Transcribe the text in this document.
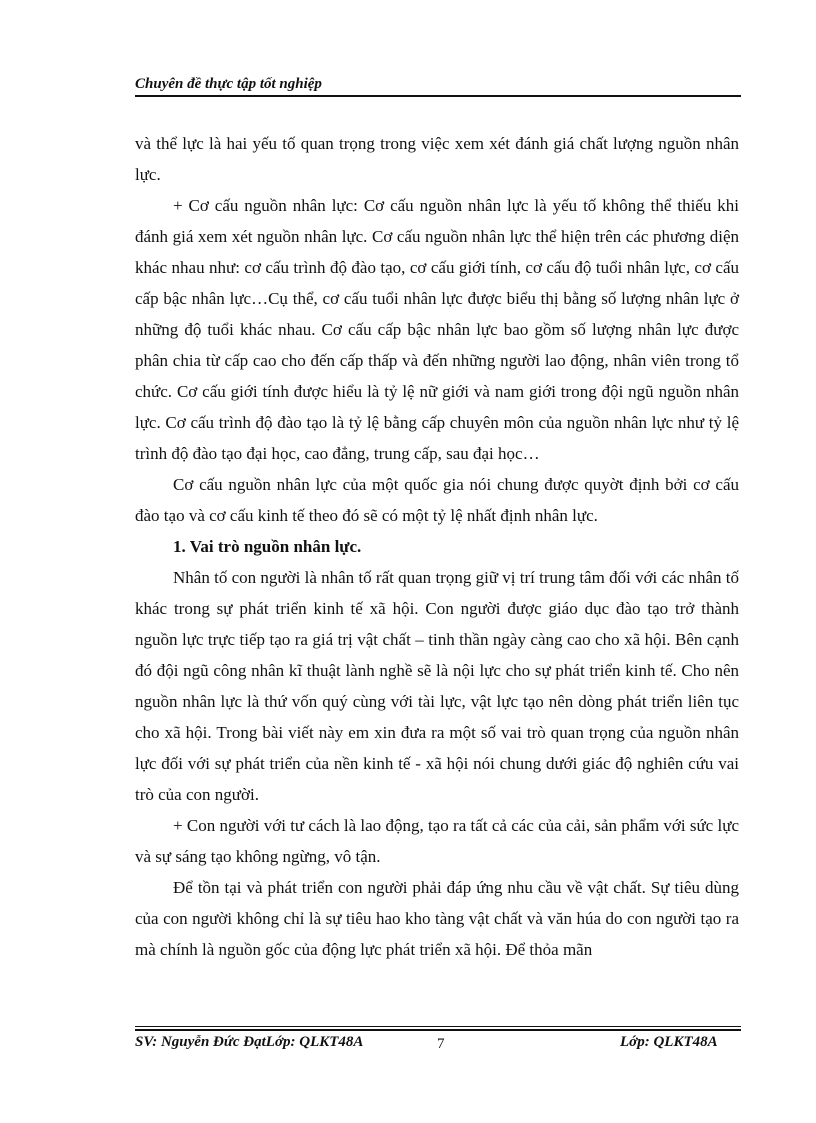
Chuyên đề thực tập tốt nghiệp

và thể lực là hai yếu tố quan trọng trong việc xem xét đánh giá chất lượng nguồn nhân lực.

+ Cơ cấu nguồn nhân lực: Cơ cấu nguồn nhân lực là yếu tố không thể thiếu khi đánh giá xem xét nguồn nhân lực. Cơ cấu nguồn nhân lực thể hiện trên các phương diện khác nhau như: cơ cấu trình độ đào tạo, cơ cấu giới tính, cơ cấu độ tuổi nhân lực, cơ cấu cấp bậc nhân lực…Cụ thể, cơ cấu tuổi nhân lực được biểu thị bằng số lượng nhân lực ở những độ tuổi khác nhau. Cơ cấu cấp bậc nhân lực bao gồm số lượng nhân lực được phân chia từ cấp cao cho đến cấp thấp và đến những người lao động, nhân viên trong tổ chức. Cơ cấu giới tính được hiểu là tỷ lệ nữ giới và nam giới trong đội ngũ nguồn nhân lực. Cơ cấu trình độ đào tạo là tỷ lệ bằng cấp chuyên môn của nguồn nhân lực như tỷ lệ trình độ đào tạo đại học, cao đẳng, trung cấp, sau đại học…

Cơ cấu nguồn nhân lực của một quốc gia nói chung được quyờt định bởi cơ cấu đào tạo và cơ cấu kinh tế theo đó sẽ có một tỷ lệ nhất định nhân lực.

1. Vai trò nguồn nhân lực.

Nhân tố con người là nhân tố rất quan trọng giữ vị trí trung tâm đối với các nhân tố khác trong sự phát triển kinh tế xã hội. Con người được giáo dục đào tạo trở thành nguồn lực trực tiếp tạo ra giá trị vật chất – tinh thần ngày càng cao cho xã hội. Bên cạnh đó đội ngũ công nhân kĩ thuật lành nghề sẽ là nội lực cho sự phát triển kinh tế. Cho nên nguồn nhân lực là thứ vốn quý cùng với tài lực, vật lực tạo nên dòng phát triển liên tục cho xã hội. Trong bài viết này em xin đưa ra một số vai trò quan trọng của nguồn nhân lực đối với sự phát triển của nền kinh tế - xã hội nói chung dưới giác độ nghiên cứu vai trò của con người.

+ Con người với tư cách là lao động, tạo ra tất cả các của cải, sản phẩm với sức lực và sự sáng tạo không ngừng, vô tận.

Để tồn tại và phát triển con người phải đáp ứng nhu cầu về vật chất. Sự tiêu dùng của con người không chỉ là sự tiêu hao kho tàng vật chất và văn húa do con người tạo ra mà chính là nguồn gốc của động lực phát triển xã hội. Để thỏa mãn

SV: Nguyễn Đức ĐạtLớp: QLKT48A	7	Lớp: QLKT48A
